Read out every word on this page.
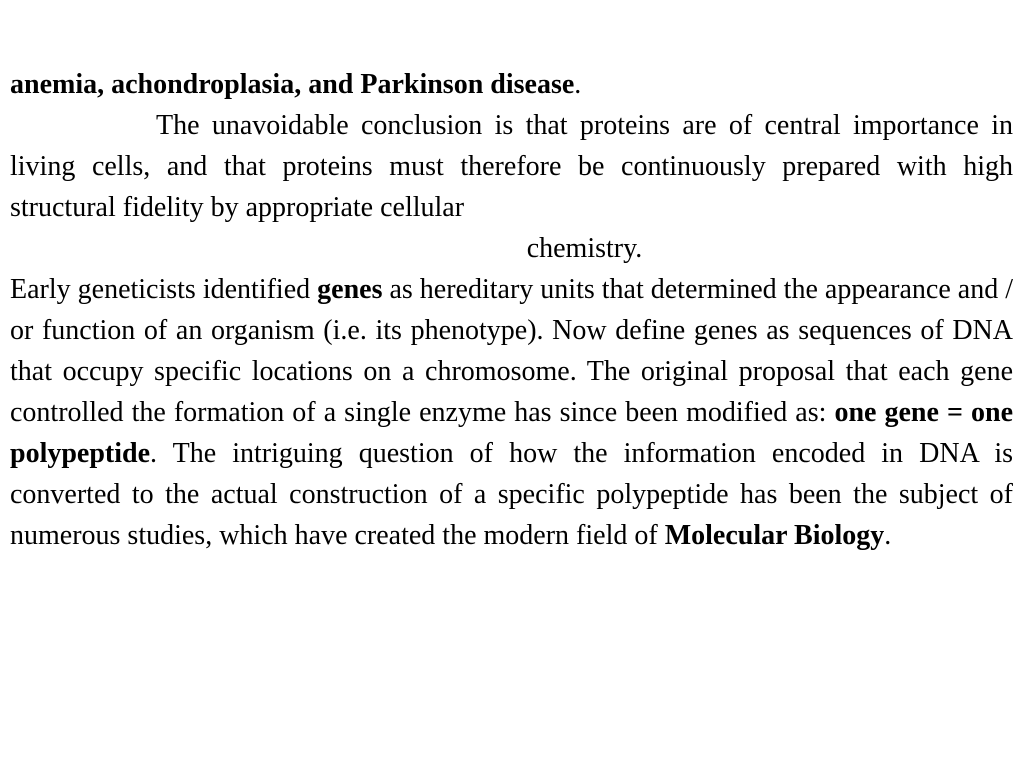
anemia, achondroplasia, and Parkinson disease.

The unavoidable conclusion is that proteins are of central importance in living cells, and that proteins must therefore be continuously prepared with high structural fidelity by appropriate cellular
chemistry.

Early geneticists identified genes as hereditary units that determined the appearance and / or function of an organism (i.e. its phenotype). Now define genes as sequences of DNA that occupy specific locations on a chromosome. The original proposal that each gene controlled the formation of a single enzyme has since been modified as: one gene = one polypeptide. The intriguing question of how the information encoded in DNA is converted to the actual construction of a specific polypeptide has been the subject of numerous studies, which have created the modern field of Molecular Biology.
